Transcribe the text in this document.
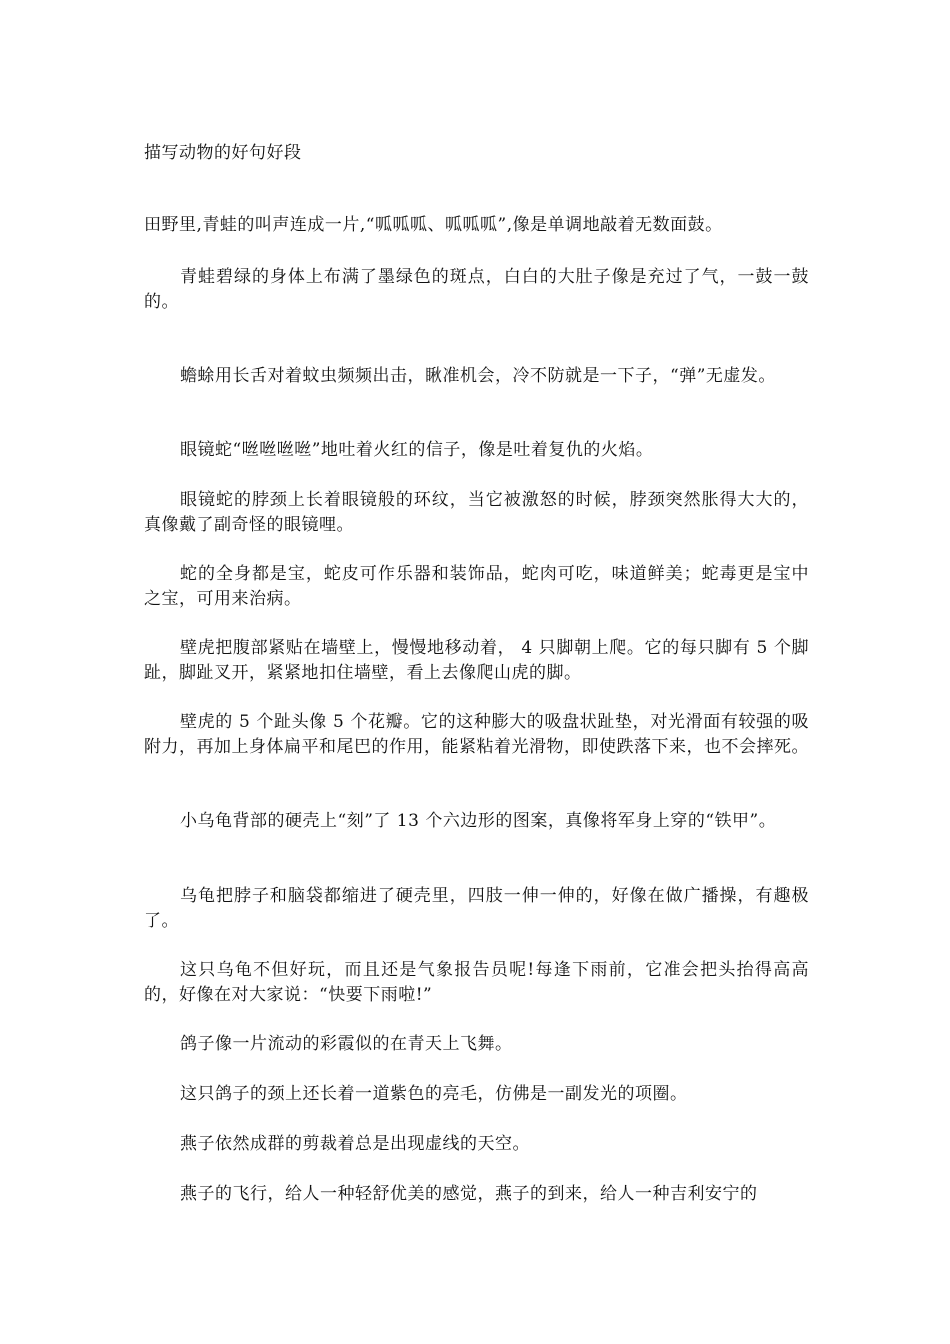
描写动物的好句好段

田野里,青蛙的叫声连成一片,“呱呱呱、呱呱呱”,像是单调地敲着无数面鼓。

青蛙碧绿的身体上布满了墨绿色的斑点，白白的大肚子像是充过了气，一鼓一鼓的。

蟾蜍用长舌对着蚊虫频频出击，瞅准机会，冷不防就是一下子，“弹”无虚发。

眼镜蛇“咝咝咝咝”地吐着火红的信子，像是吐着复仇的火焰。

眼镜蛇的脖颈上长着眼镜般的环纹，当它被激怒的时候，脖颈突然胀得大大的，真像戴了副奇怪的眼镜哩。

蛇的全身都是宝，蛇皮可作乐器和装饰品，蛇肉可吃，味道鲜美；蛇毒更是宝中之宝，可用来治病。

壁虎把腹部紧贴在墙壁上，慢慢地移动着， 4 只脚朝上爬。它的每只脚有 5 个脚趾，脚趾叉开，紧紧地扣住墙壁，看上去像爬山虎的脚。

壁虎的 5 个趾头像 5 个花瓣。它的这种膨大的吸盘状趾垫，对光滑面有较强的吸附力，再加上身体扁平和尾巴的作用，能紧粘着光滑物，即使跌落下来，也不会摔死。

小乌龟背部的硬壳上“刻”了 13 个六边形的图案，真像将军身上穿的“铁甲”。

乌龟把脖子和脑袋都缩进了硬壳里，四肢一伸一伸的，好像在做广播操，有趣极了。

这只乌龟不但好玩，而且还是气象报告员呢!每逢下雨前，它准会把头抬得高高的，好像在对大家说：“快要下雨啦!”

鸽子像一片流动的彩霞似的在青天上飞舞。

这只鸽子的颈上还长着一道紫色的亮毛，仿佛是一副发光的项圈。

燕子依然成群的剪裁着总是出现虚线的天空。

燕子的飞行，给人一种轻舒优美的感觉，燕子的到来，给人一种吉利安宁的
